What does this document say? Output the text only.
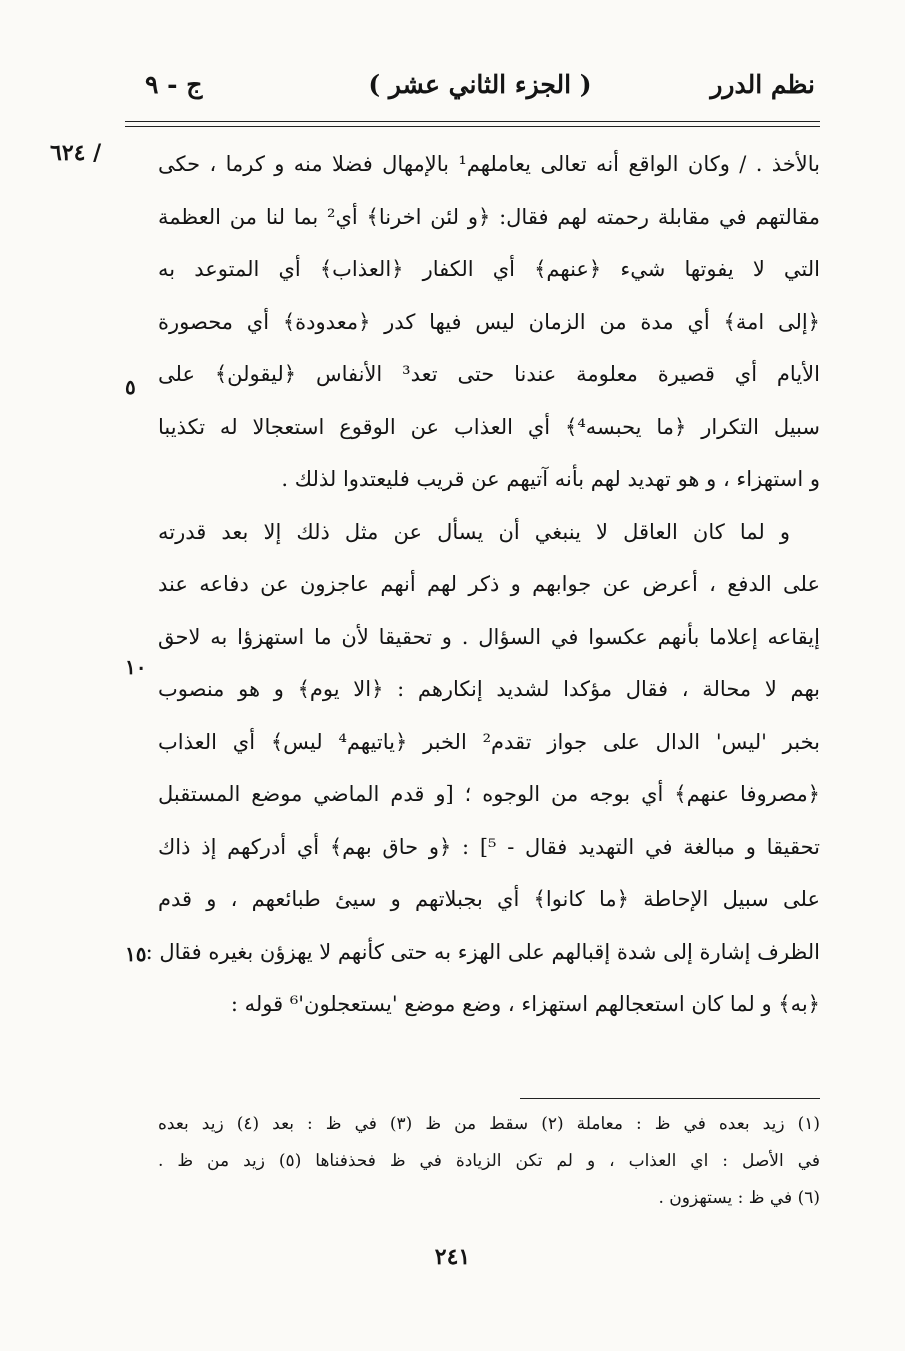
نظم الدرر
( الجزء الثاني عشر )
ج - ٩
/ ٦٢٤	بالأخذ . / وكان الواقع أنه تعالى يعاملهم¹ بالإمهال فضلا منه و كرما ، حكى
مقالتهم في مقابلة رحمته لهم فقال: ﴿و لئن اخرنا﴾ أي² بما لنا من العظمة
التي لا يفوتها شيء ﴿عنهم﴾ أي الكفار ﴿العذاب﴾ أي المتوعد به
﴿إلى امة﴾ أي مدة من الزمان ليس فيها كدر ﴿معدودة﴾ أي محصورة
الأيام أي قصيرة معلومة عندنا حتى تعد³ الأنفاس ﴿ليقولن﴾ على
سبيل التكرار ﴿ما يحبسه⁴﴾ أي العذاب عن الوقوع استعجالا له تكذيبا
و استهزاء ، و هو تهديد لهم بأنه آتيهم عن قريب فليعتدوا لذلك .
و لما كان العاقل لا ينبغي أن يسأل عن مثل ذلك إلا بعد قدرته
على الدفع ، أعرض عن جوابهم و ذكر لهم أنهم عاجزون عن دفاعه عند
إيقاعه إعلاما بأنهم عكسوا في السؤال . و تحقيقا لأن ما استهزؤا به لاحق
بهم لا محالة ، فقال مؤكدا لشديد إنكارهم : ﴿الا يوم﴾ و هو منصوب
بخبر 'ليس' الدال على جواز تقدم² الخبر ﴿ياتيهم⁴ ليس﴾ أي العذاب
﴿مصروفا عنهم﴾ أي بوجه من الوجوه ؛ [و قدم الماضي موضع المستقبل
تحقيقا و مبالغة في التهديد فقال - ⁵] : ﴿و حاق بهم﴾ أي أدركهم إذ ذاك
على سبيل الإحاطة ﴿ما كانوا﴾ أي بجبلاتهم و سيئ طبائعهم ، و قدم
الظرف إشارة إلى شدة إقبالهم على الهزء به حتى كأنهم لا يهزؤن بغيره فقال :
﴿به﴾ و لما كان استعجالهم استهزاء ، وضع موضع 'يستعجلون'⁶ قوله :
٥
١٠
١٥
(١) زيد بعده في ظ : معاملة (٢) سقط من ظ (٣) في ظ : بعد (٤) زيد بعده
في الأصل : اي العذاب ، و لم تكن الزيادة في ظ فحذفناها (٥) زيد من ظ .
(٦) في ظ : يستهزون .
٢٤١
